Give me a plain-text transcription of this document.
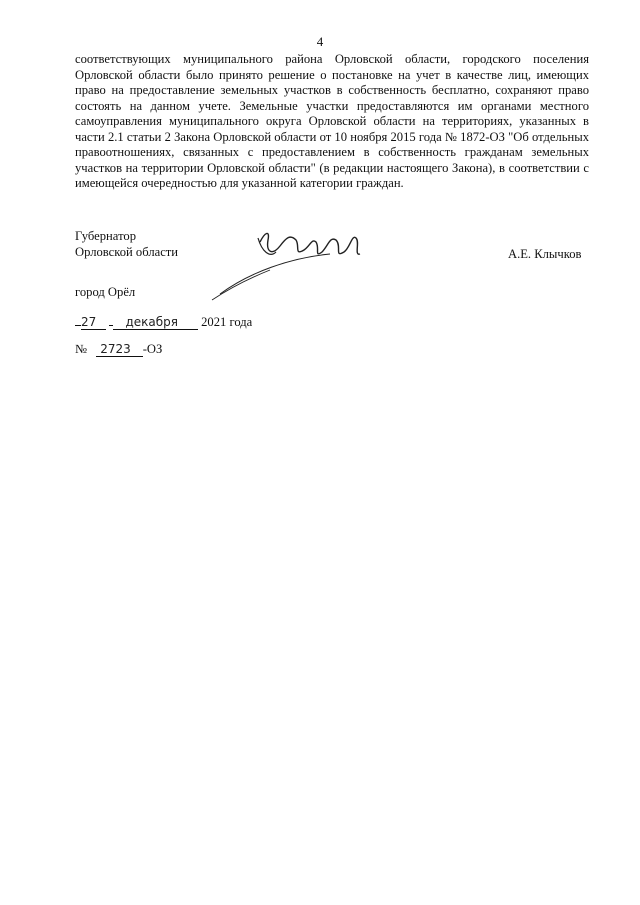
4

соответствующих муниципального района Орловской области, городского поселения Орловской области было принято решение о постановке на учет в качестве лиц, имеющих право на предоставление земельных участков в собственность бесплатно, сохраняют право состоять на данном учете. Земельные участки предоставляются им органами местного самоуправления муниципального округа Орловской области на территориях, указанных в части 2.1 статьи 2 Закона Орловской области от 10 ноября 2015 года № 1872-ОЗ "Об отдельных правоотношениях, связанных с предоставлением в собственность гражданам земельных участков на территории Орловской области" (в редакции настоящего Закона), в соответствии с имеющейся очередностью для указанной категории граждан.

Губернатор
Орловской области	А.Е. Клычков
город Орёл
27 декабря 2021 года
№ 2723 -ОЗ
